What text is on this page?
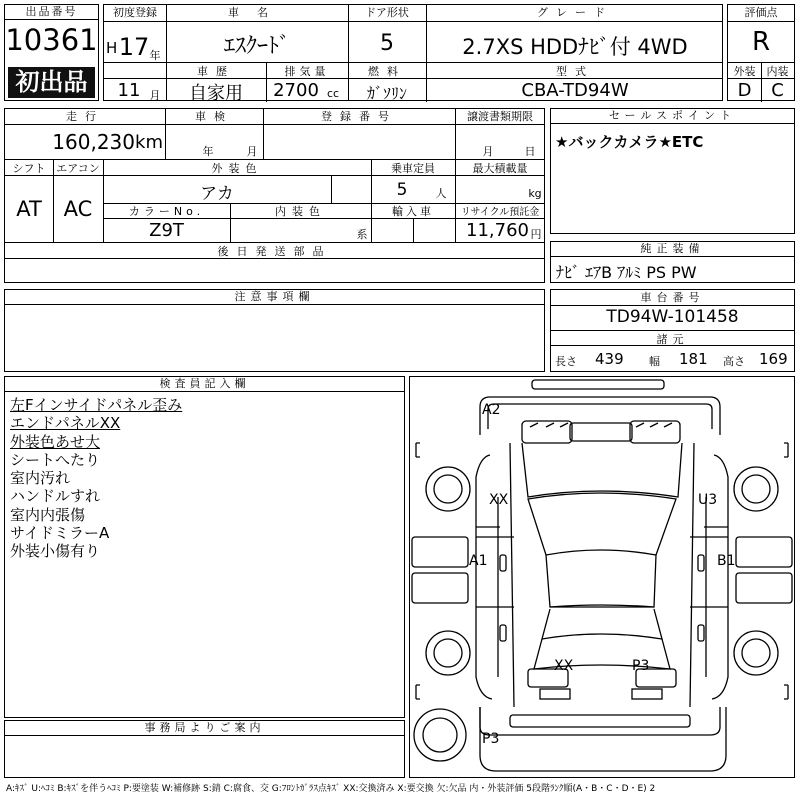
出品番号
10361
初出品
初度登録
H 17 年
11 月
車名
ｴｽｸｰﾄﾞ
車歴
自家用
排気量
2700 cc
ドア形状
5
燃料
ｶﾞｿﾘﾝ
グレード
2.7XS HDDﾅﾋﾞ付 4WD
型式
CBA-TD94W
評価点
R
外装	内装
D	C
走行
160,230 km
車検
年	月
登録番号	譲渡書類期限
月	日
シフト
AT
エアコン
AC
外装色
アカ
カラーNo.
Z9T
内装色
系
乗車定員
5	人
最大積載量
kg
輸入車	リサイクル預託金
11,760 円
後日発送部品
セールスポイント
★バックカメラ★ETC
純正装備
ﾅﾋﾞ ｴｱB ｱﾙﾐ PS PW
注意事項欄	車台番号
TD94W-101458
諸元
長さ 439 幅 181 高さ 169
検査員記入欄
左Fインサイドパネル歪み
エンドパネルXX
外装色あせ大
シートへたり
室内汚れ
ハンドルすれ
室内内張傷
サイドミラーA
外装小傷有り
事務局よりご案内
A2
XX	U3
A1	B1
XX	P3
P3
A:ｷｽﾞ U:ﾍｺﾐ B:ｷｽﾞを伴うﾍｺﾐ P:要塗装 W:補修跡 S:錆 C:腐食、交 G:ﾌﾛﾝﾄｶﾞﾗｽ点ｷｽﾞ XX:交換済み X:要交換 欠:欠品 内・外装評価 5段階ﾗﾝｸ順(A・B・C・D・E) 2
